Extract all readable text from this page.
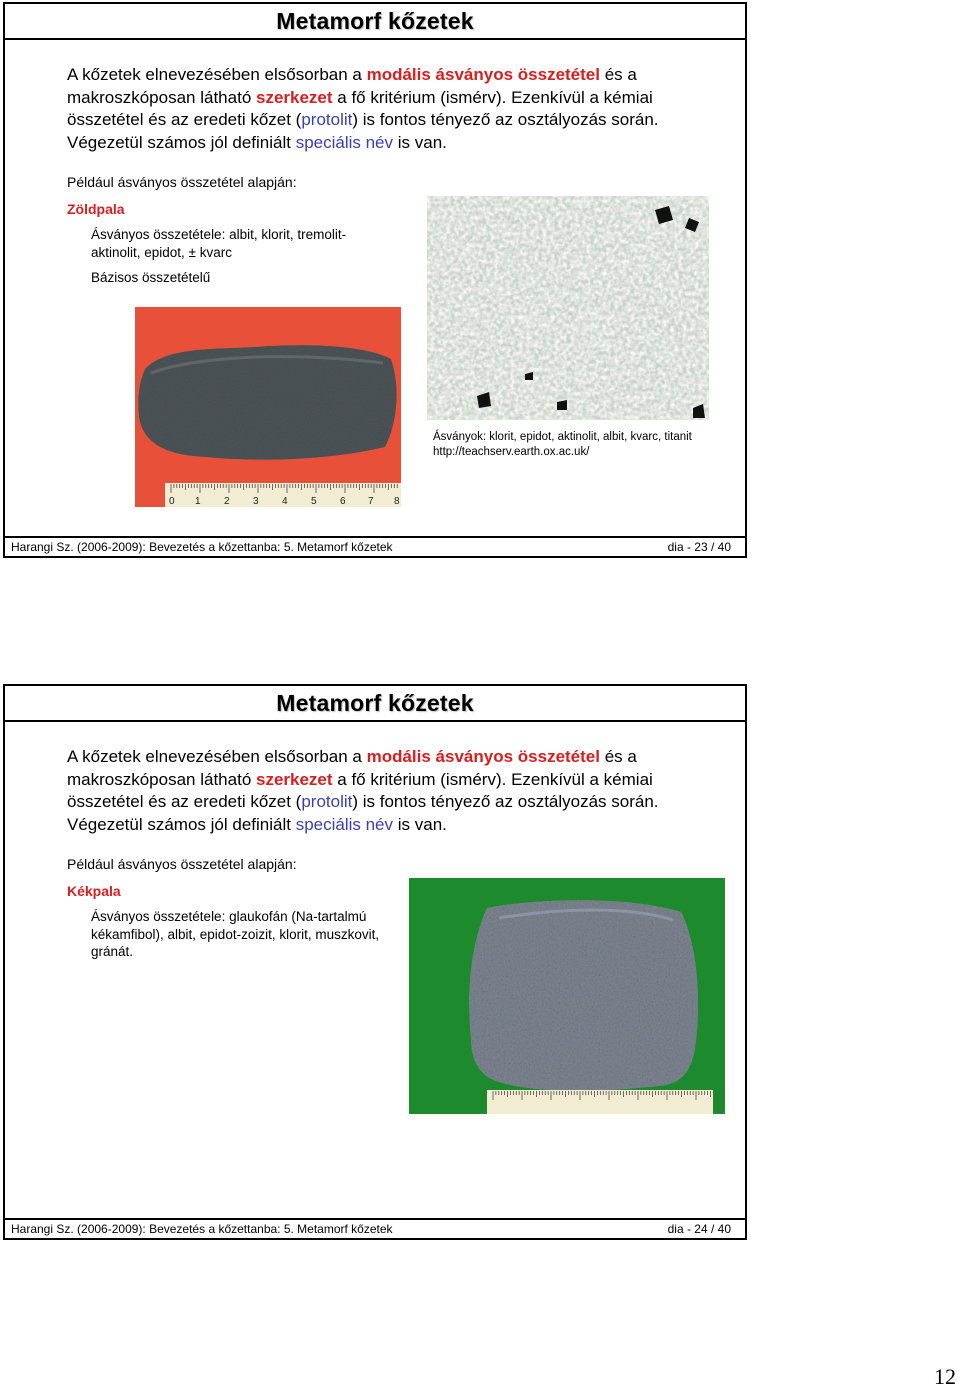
Metamorf kőzetek

A kőzetek elnevezésében elsősorban a modális ásványos összetétel és a makroszkóposan látható szerkezet a fő kritérium (ismérv). Ezenkívül a kémiai összetétel és az eredeti kőzet (protolit) is fontos tényező az osztályozás során. Végezetül számos jól definiált speciális név is van.

Például ásványos összetétel alapján:

Zöldpala

Ásványos összetétele: albit, klorit, tremolit-
aktinolit, epidot, ± kvarc

Bázisos összetételű

0 1 2 3 4 5 6 7 8

Ásványok: klorit, epidot, aktinolit, albit, kvarc, titanit
http://teachserv.earth.ox.ac.uk/

Harangi Sz. (2006-2009): Bevezetés a kőzettanba: 5. Metamorf kőzetek	dia - 23 / 40
Metamorf kőzetek

A kőzetek elnevezésében elsősorban a modális ásványos összetétel és a makroszkóposan látható szerkezet a fő kritérium (ismérv). Ezenkívül a kémiai összetétel és az eredeti kőzet (protolit) is fontos tényező az osztályozás során. Végezetül számos jól definiált speciális név is van.

Például ásványos összetétel alapján:

Kékpala

Ásványos összetétele: glaukofán (Na-tartalmú
kékamfibol), albit, epidot-zoizit, klorit, muszkovit,
gránát.

Harangi Sz. (2006-2009): Bevezetés a kőzettanba: 5. Metamorf kőzetek	dia - 24 / 40
12
